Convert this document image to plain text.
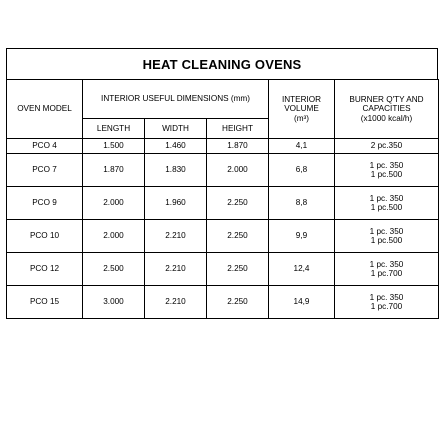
HEAT CLEANING OVENS
OVEN MODEL	INTERIOR USEFUL DIMENSIONS (mm)			INTERIOR VOLUME
(m³)	BURNER Q'TY AND CAPACITIES
(x1000 kcal/h)
	LENGTH	WIDTH	HEIGHT		
PCO 4	1.500	1.460	1.870	4,1	2 pc.350
PCO 7	1.870	1.830	2.000	6,8	1 pc. 350
1 pc.500

PCO 9	2.000	1.960	2.250	8,8	1 pc. 350
1 pc.500

PCO 10	2.000	2.210	2.250	9,9	1 pc. 350
1 pc.500

PCO 12	2.500	2.210	2.250	12,4	1 pc. 350
1 pc.700

PCO 15	3.000	2.210	2.250	14,9	1 pc. 350
1 pc.700
